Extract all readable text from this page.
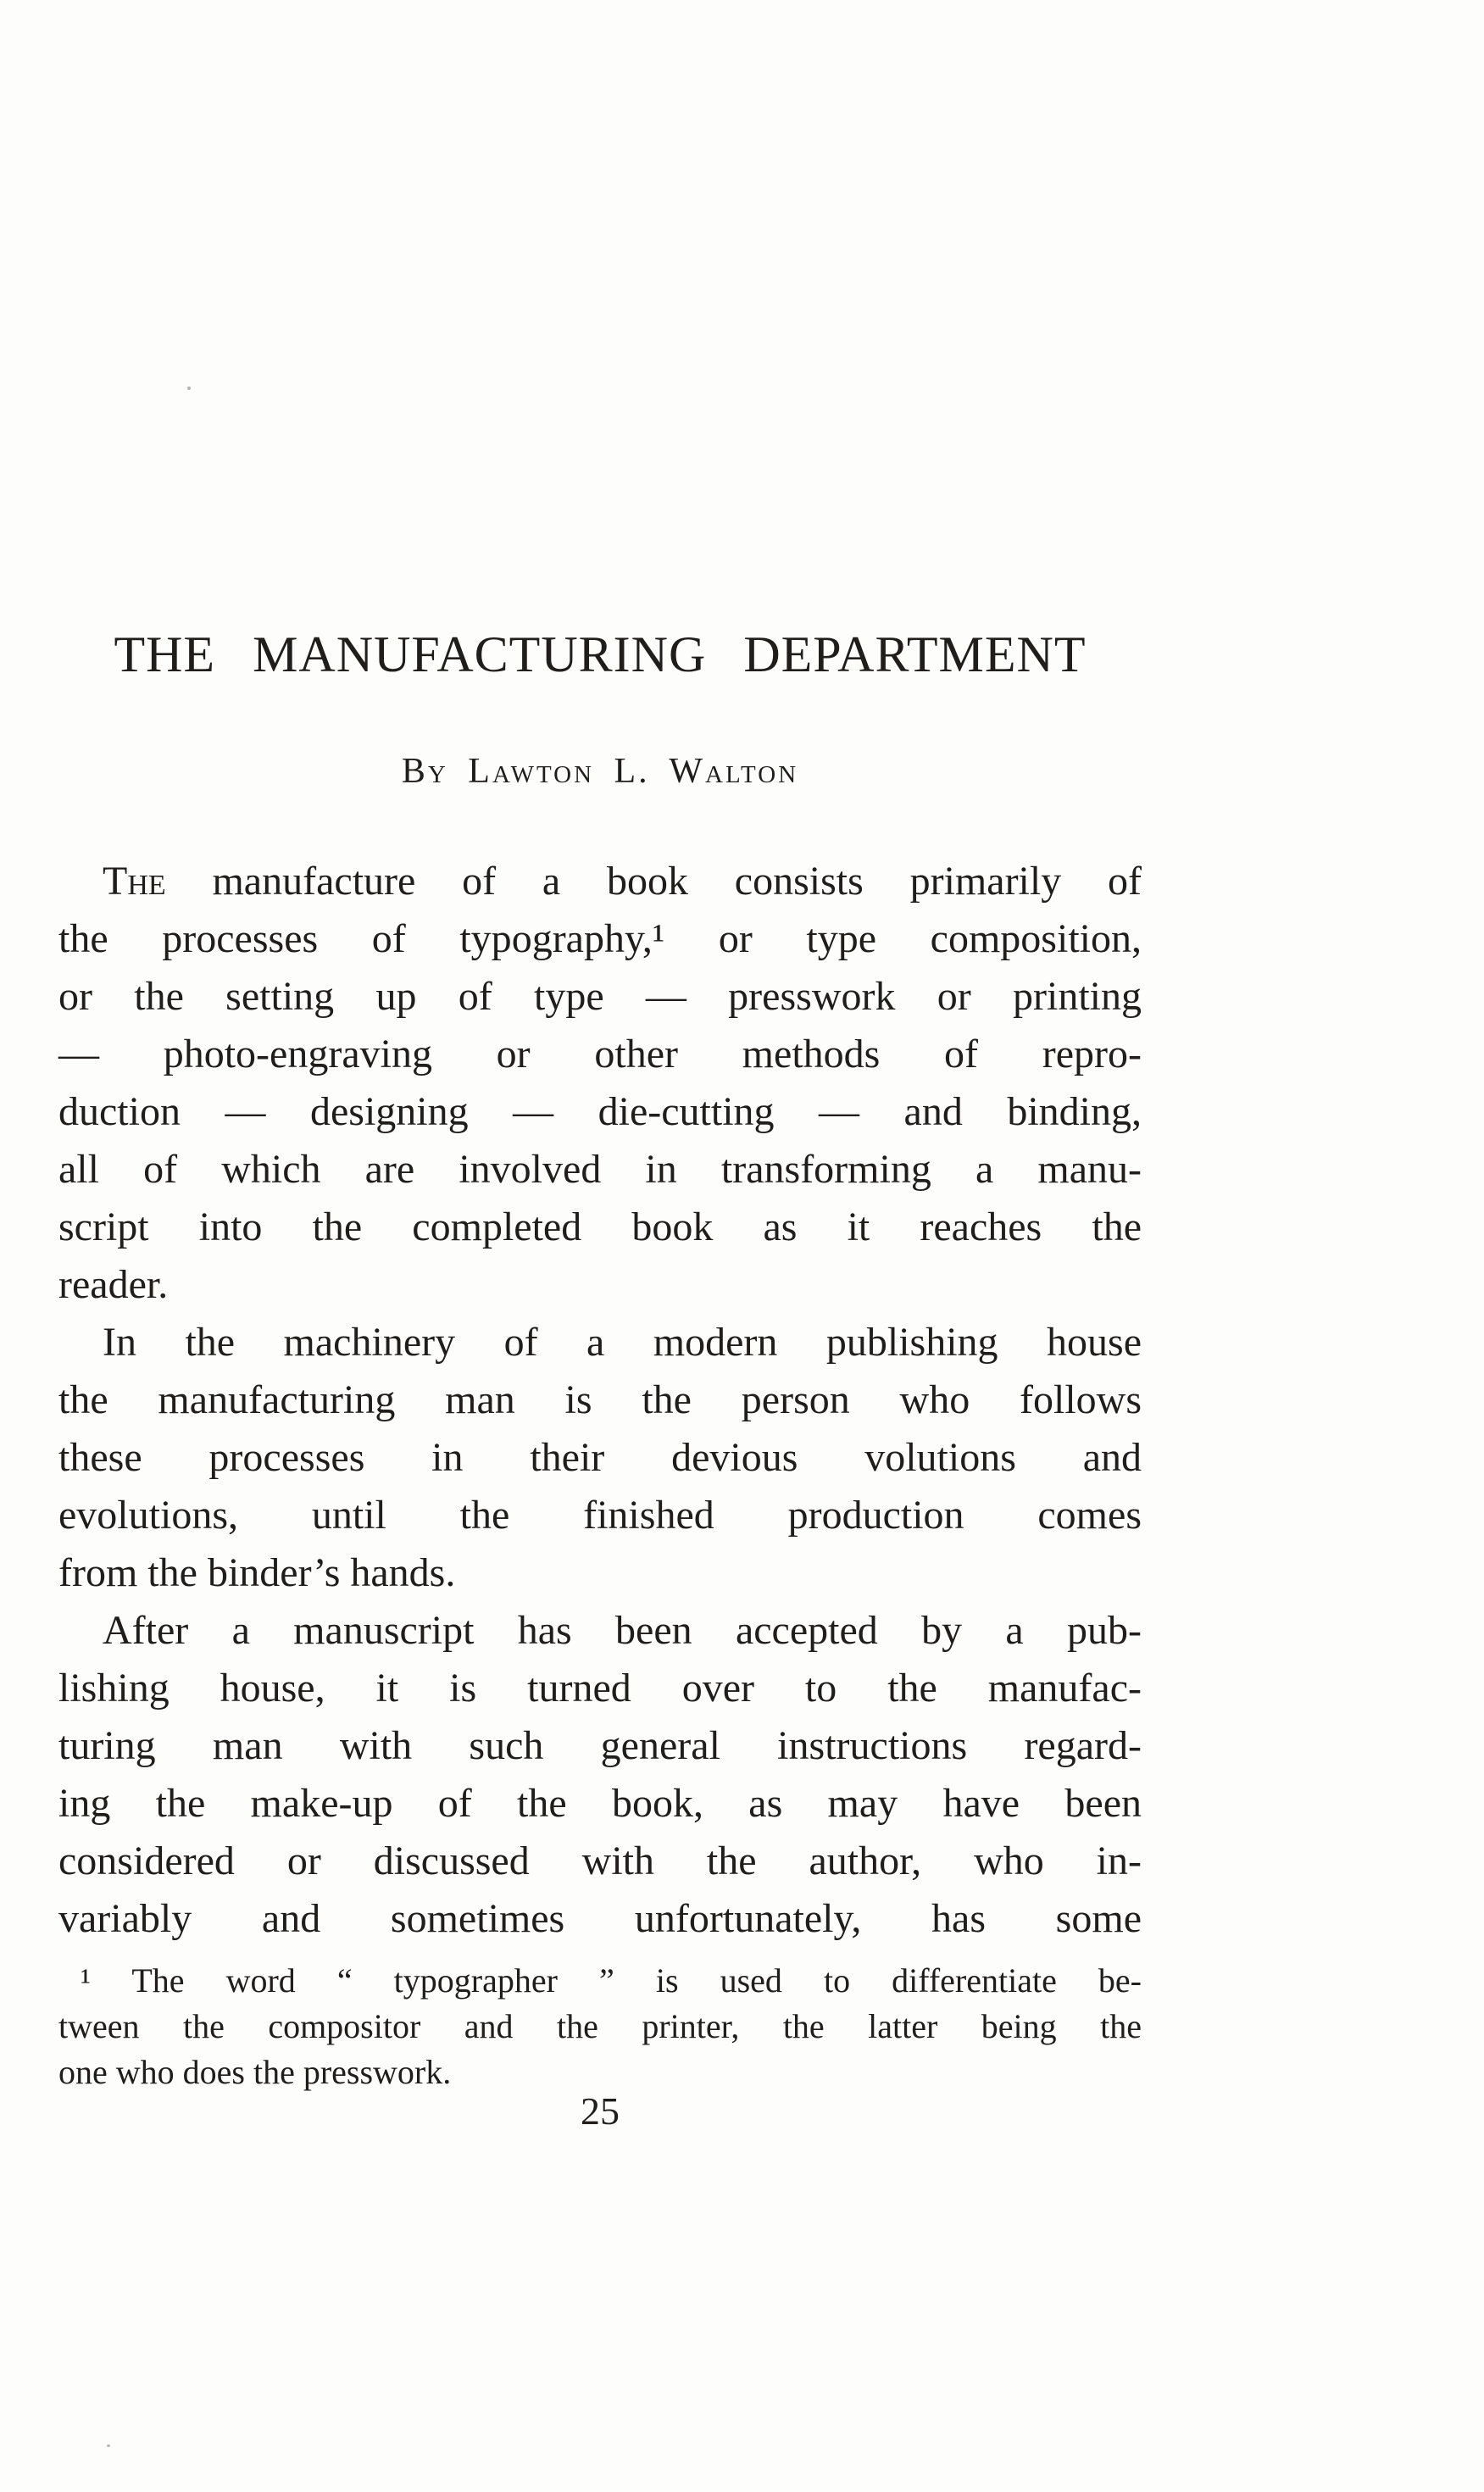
THE MANUFACTURING DEPARTMENT
By Lawton L. Walton
The manufacture of a book consists primarily of
the processes of typography,¹ or type composition,
or the setting up of type — presswork or printing
— photo-engraving or other methods of repro-
duction — designing — die-cutting — and binding,
all of which are involved in transforming a manu-
script into the completed book as it reaches the
reader.
In the machinery of a modern publishing house
the manufacturing man is the person who follows
these processes in their devious volutions and
evolutions, until the finished production comes
from the binder’s hands.
After a manuscript has been accepted by a pub-
lishing house, it is turned over to the manufac-
turing man with such general instructions regard-
ing the make-up of the book, as may have been
considered or discussed with the author, who in-
variably and sometimes unfortunately, has some
¹ The word “ typographer ” is used to differentiate be-
tween the compositor and the printer, the latter being the
one who does the presswork.
25
